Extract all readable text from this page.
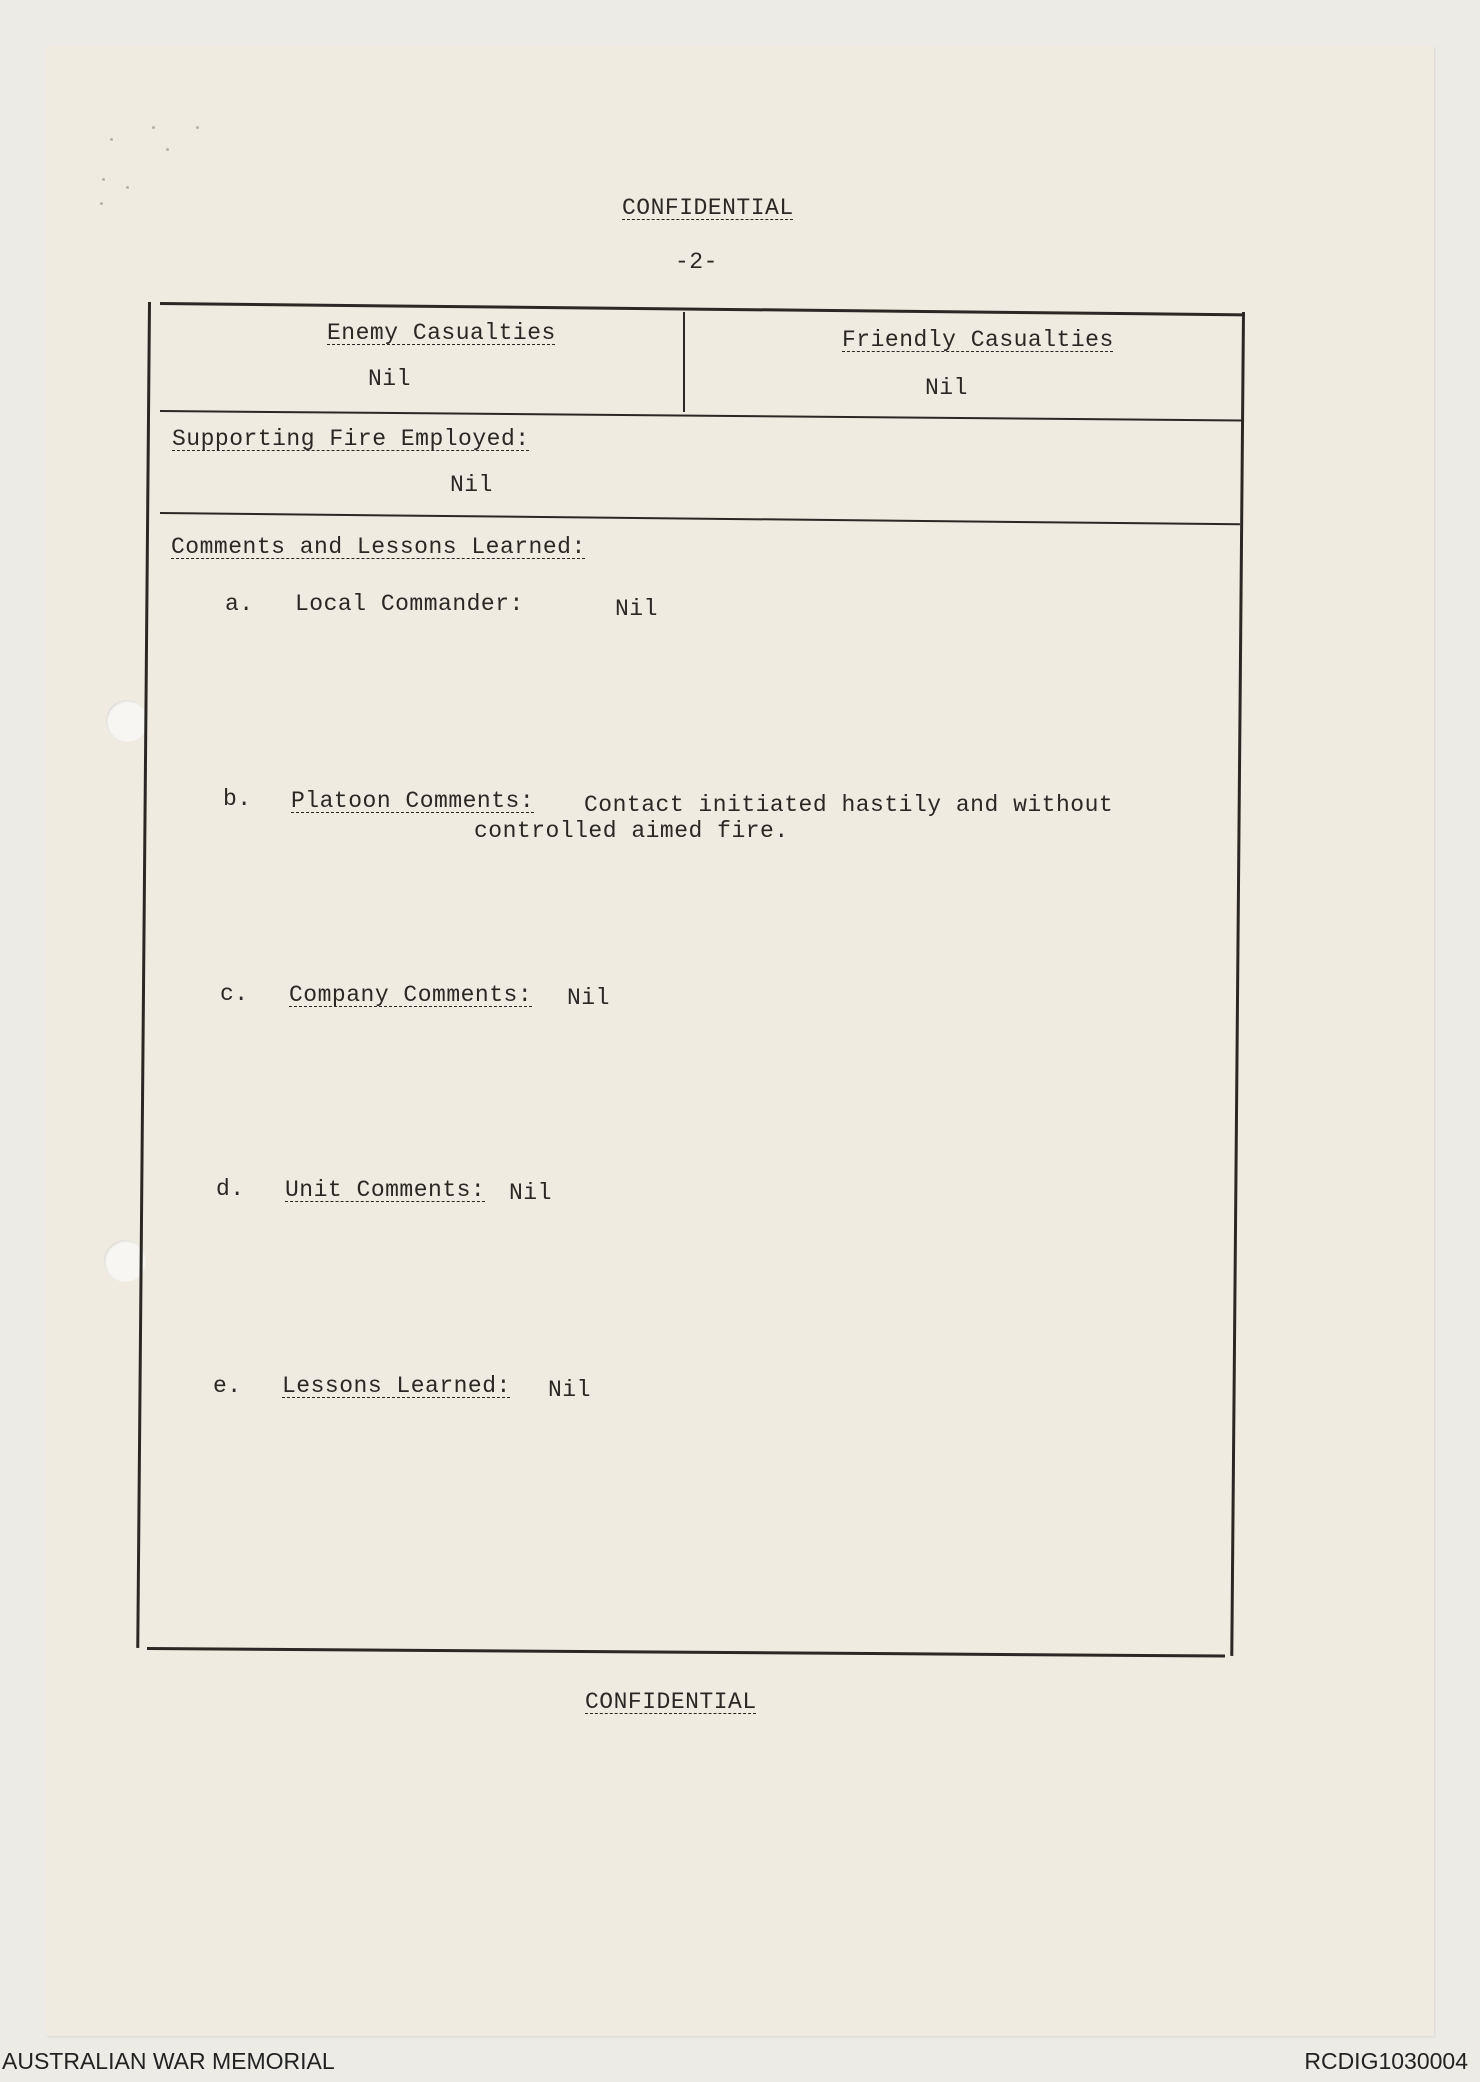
CONFIDENTIAL
-2-
Enemy Casualties
Nil
Friendly Casualties
Nil
Supporting Fire Employed:
Nil
Comments and Lessons Learned:
a. Local Commander:	Nil
b. Platoon Comments: Contact initiated hastily and without
controlled aimed fire.
c. Company Comments: Nil
d. Unit Comments: Nil
e. Lessons Learned: Nil
CONFIDENTIAL
AUSTRALIAN WAR MEMORIAL	RCDIG1030004
